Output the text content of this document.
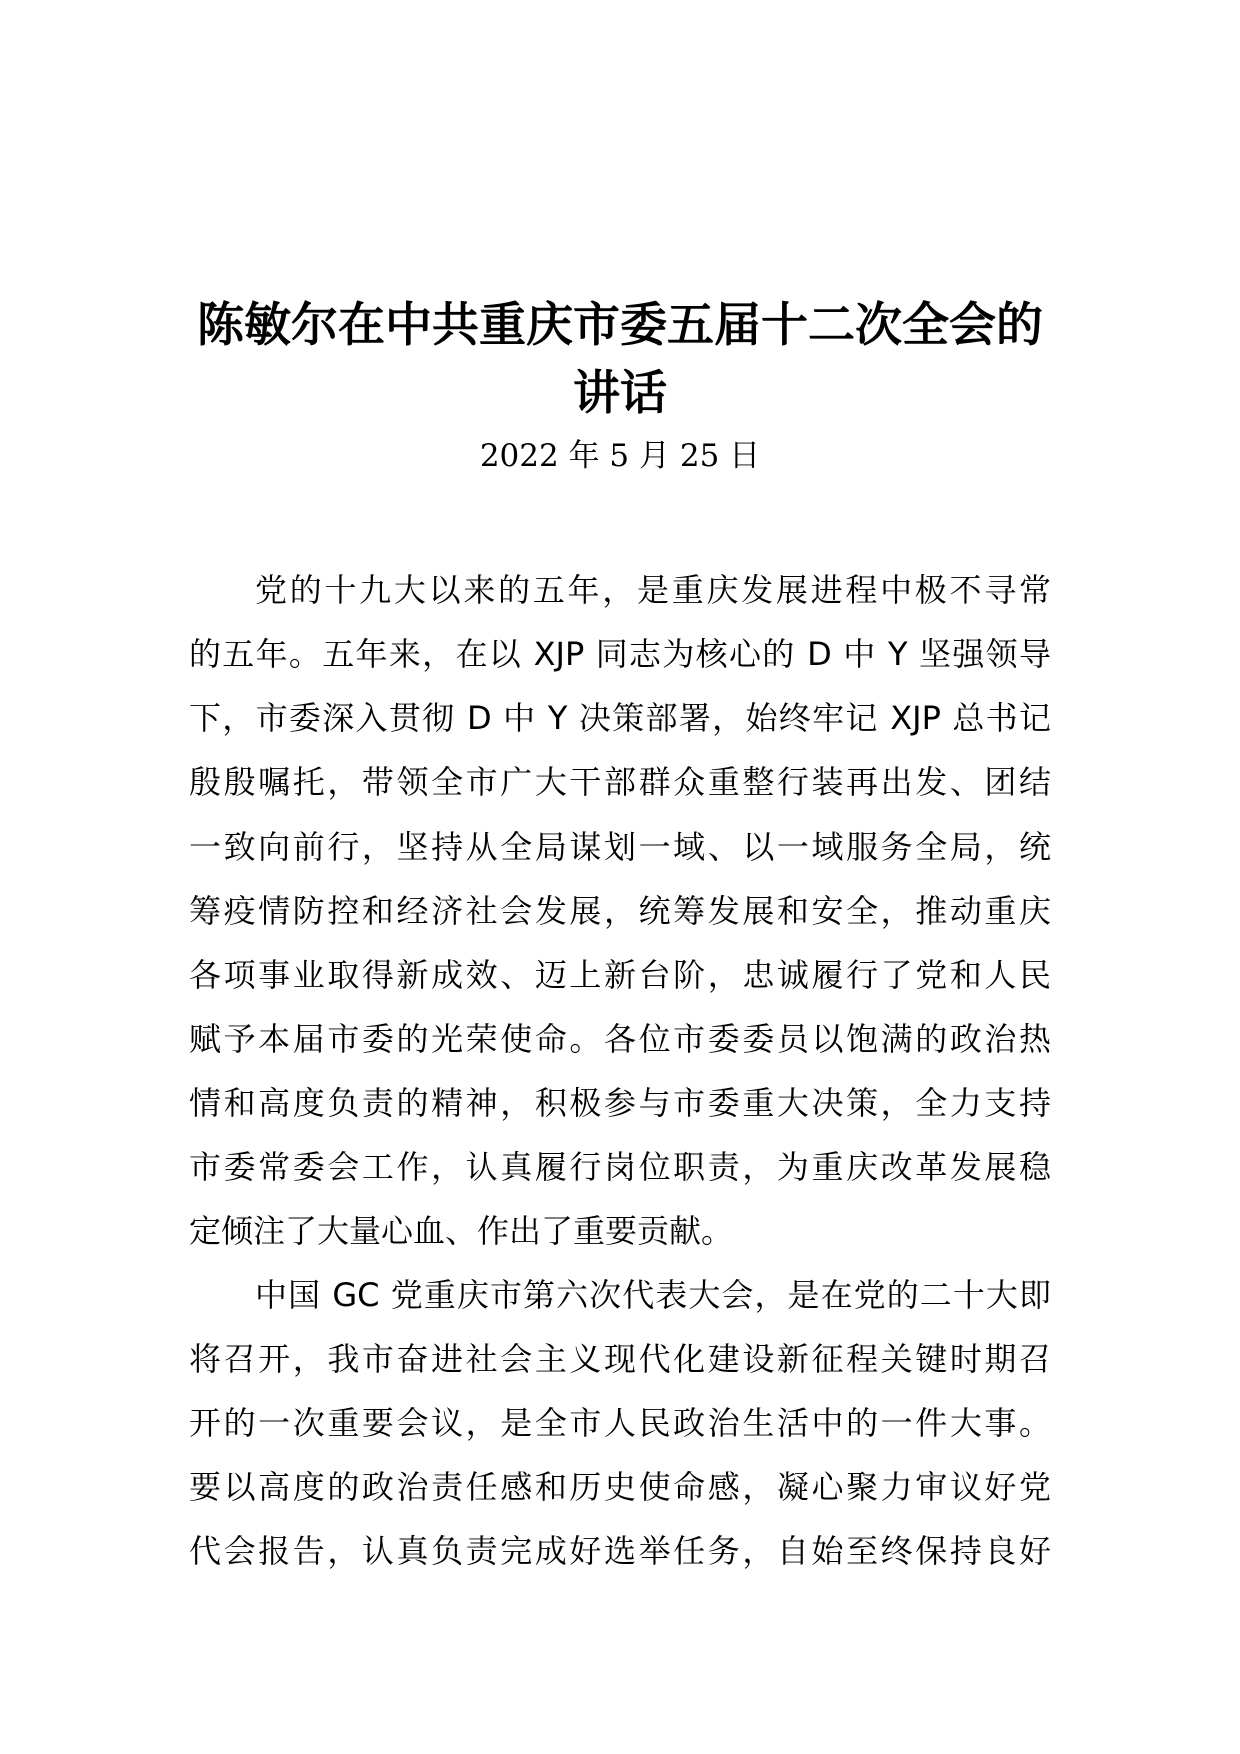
陈敏尔在中共重庆市委五届十二次全会的
讲话
2022 年 5 月 25 日
党的十九大以来的五年，是重庆发展进程中极不寻常
的五年。五年来，在以 XJP 同志为核心的 D 中 Y 坚强领导
下，市委深入贯彻 D 中 Y 决策部署，始终牢记 XJP 总书记
殷殷嘱托，带领全市广大干部群众重整行装再出发、团结
一致向前行，坚持从全局谋划一域、以一域服务全局，统
筹疫情防控和经济社会发展，统筹发展和安全，推动重庆
各项事业取得新成效、迈上新台阶，忠诚履行了党和人民
赋予本届市委的光荣使命。各位市委委员以饱满的政治热
情和高度负责的精神，积极参与市委重大决策，全力支持
市委常委会工作，认真履行岗位职责，为重庆改革发展稳
定倾注了大量心血、作出了重要贡献。
中国 GC 党重庆市第六次代表大会，是在党的二十大即
将召开，我市奋进社会主义现代化建设新征程关键时期召
开的一次重要会议，是全市人民政治生活中的一件大事。
要以高度的政治责任感和历史使命感，凝心聚力审议好党
代会报告，认真负责完成好选举任务，自始至终保持良好
